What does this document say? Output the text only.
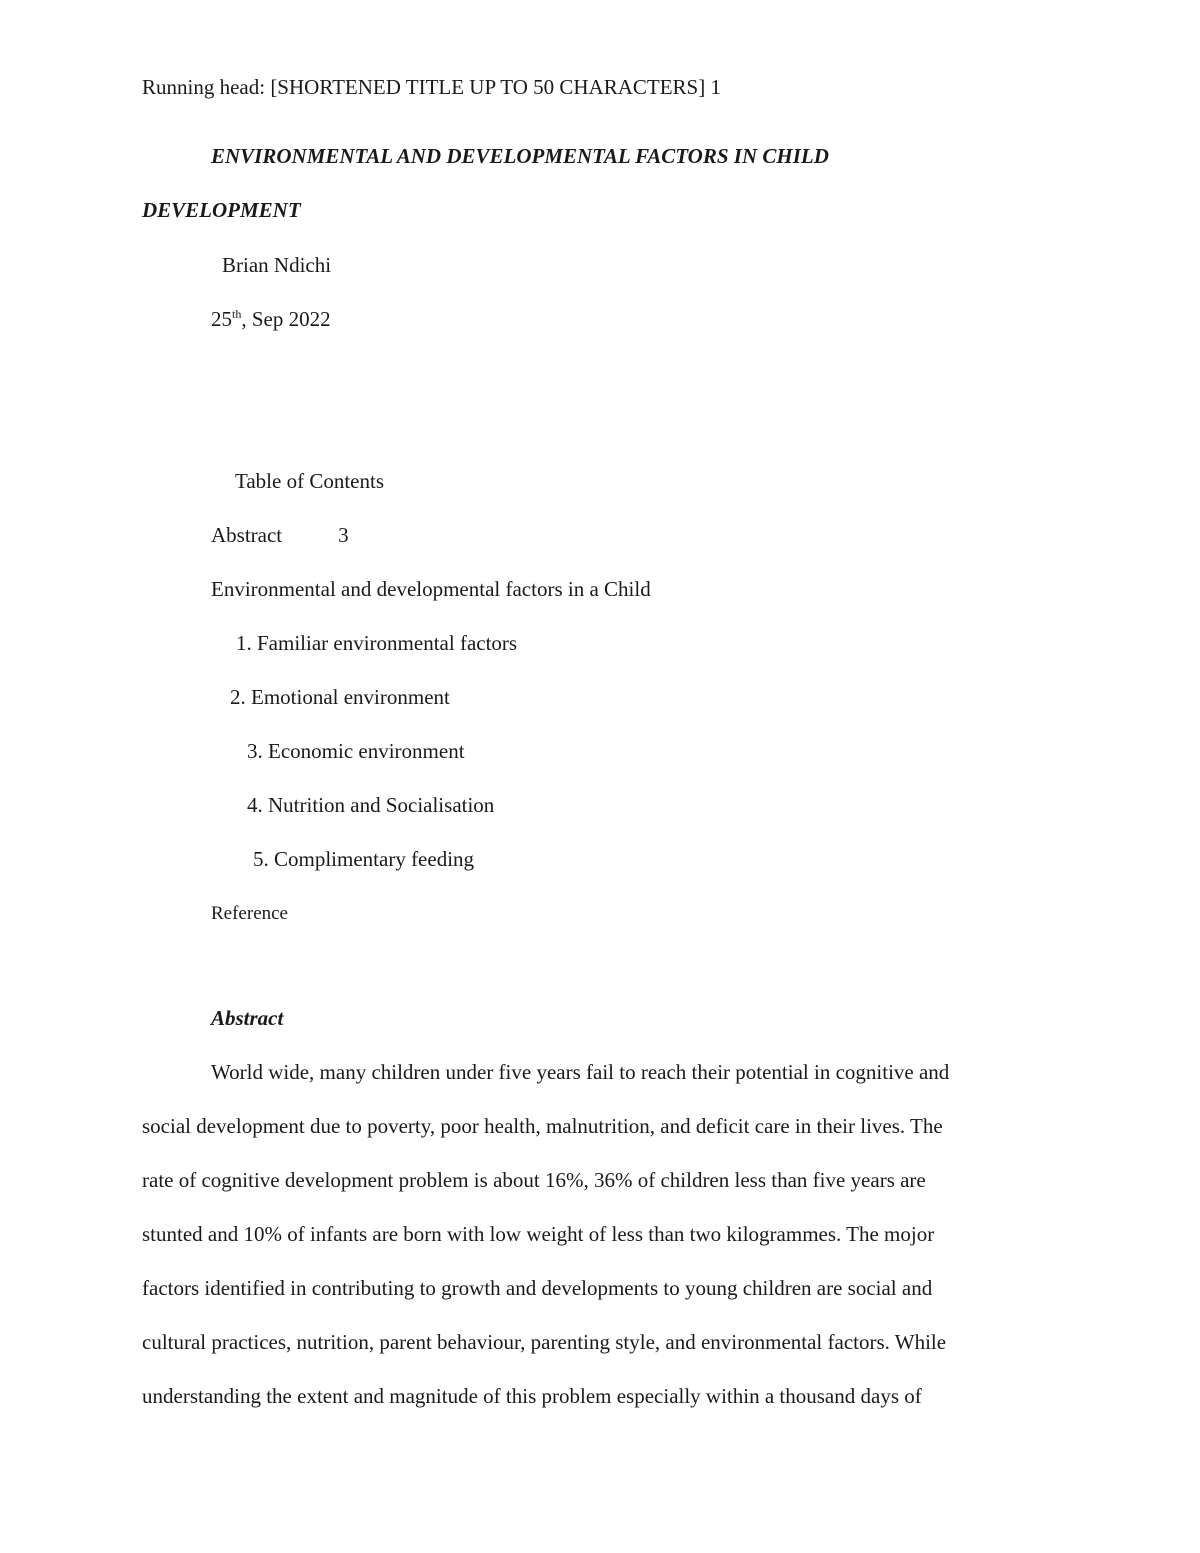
Running head: [SHORTENED TITLE UP TO 50 CHARACTERS] 1
ENVIRONMENTAL AND DEVELOPMENTAL FACTORS IN CHILD
DEVELOPMENT
Brian Ndichi
25th, Sep 2022
Table of Contents
Abstract	3
Environmental and developmental factors in a Child
1. Familiar environmental factors
2. Emotional environment
3. Economic environment
4. Nutrition and Socialisation
5. Complimentary feeding
Reference
Abstract
World wide, many children under five years fail to reach their potential in cognitive and
social development due to poverty, poor health, malnutrition, and deficit care in their lives. The
rate of cognitive development problem is about 16%, 36% of children less than five years are
stunted and 10% of infants are born with low weight of less than two kilogrammes. The mojor
factors identified in contributing to growth and developments to young children are social and
cultural practices, nutrition, parent behaviour, parenting style, and environmental factors. While
understanding the extent and magnitude of this problem especially within a thousand days of
